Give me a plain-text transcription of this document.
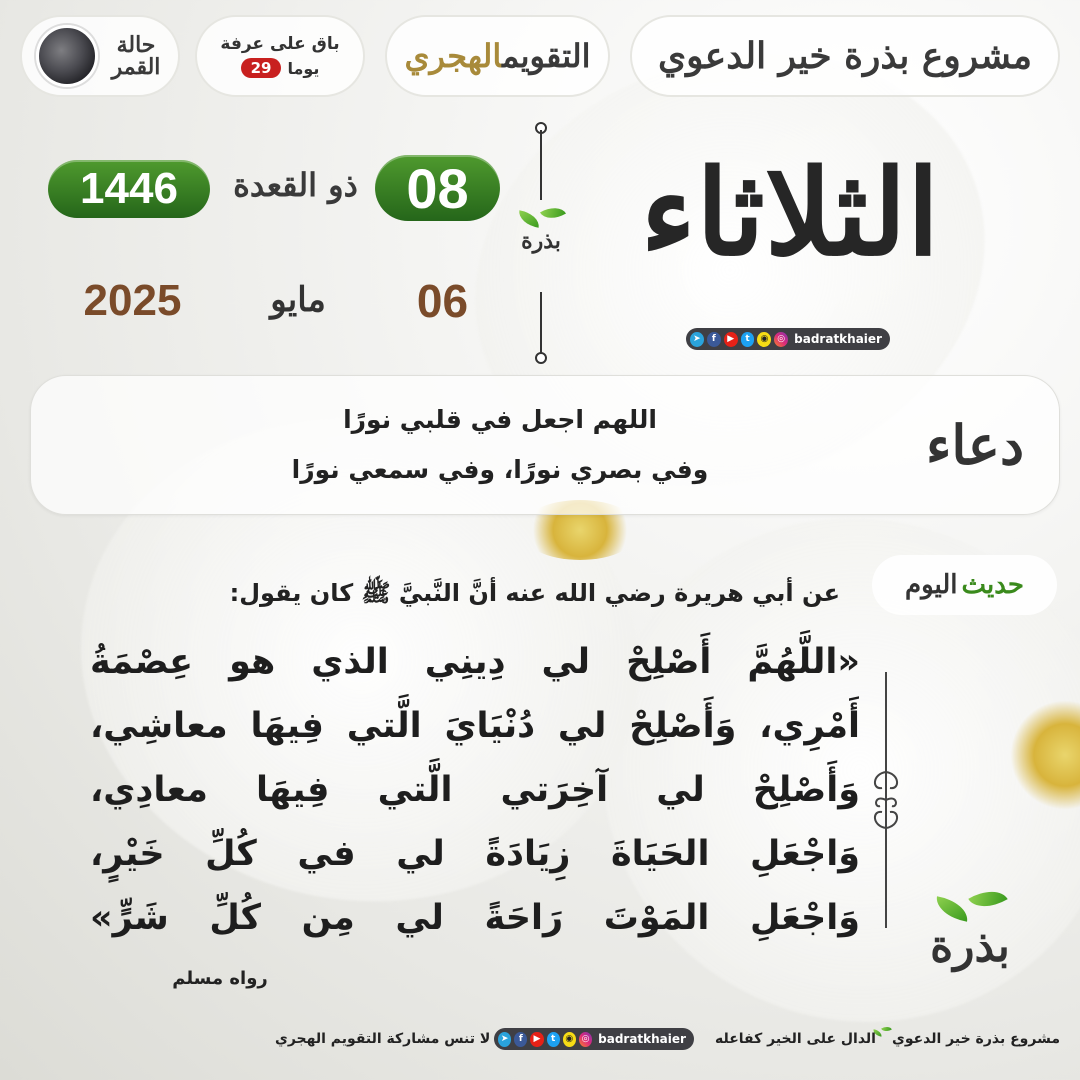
مشروع بذرة خير الدعوي
التقويمالهجري
باق على عرفة
يوما
29
حالة
القمر
الثلاثاء
بذرة
08
ذو القعدة
1446
06
مايو
2025
➤	f	▶	t	◉	◎ badratkhaier
دعاء
اللهم اجعل في قلبي نورًا
وفي بصري نورًا، وفي سمعي نورًا
حديث
اليوم
عن أبي هريرة رضي الله عنه أنَّ النَّبيَّ ﷺ كان يقول:
«اللَّهُمَّ أَصْلِحْ لي دِينِي الذي هو عِصْمَةُ
أَمْرِي، وَأَصْلِحْ لي دُنْيَايَ الَّتي فِيهَا معاشِي،
وَأَصْلِحْ لي آخِرَتي الَّتي فِيهَا معادِي،
وَاجْعَلِ الحَيَاةَ زِيَادَةً لي في كُلِّ خَيْرٍ،
وَاجْعَلِ المَوْتَ رَاحَةً لي مِن كُلِّ شَرٍّ»
رواه مسلم
بذرة
مشروع بذرة خير الدعوي
الدال على الخير كفاعله
➤	f	▶	t	◉ ◎ badratkhaier
لا تنس مشاركة التقويم الهجري
